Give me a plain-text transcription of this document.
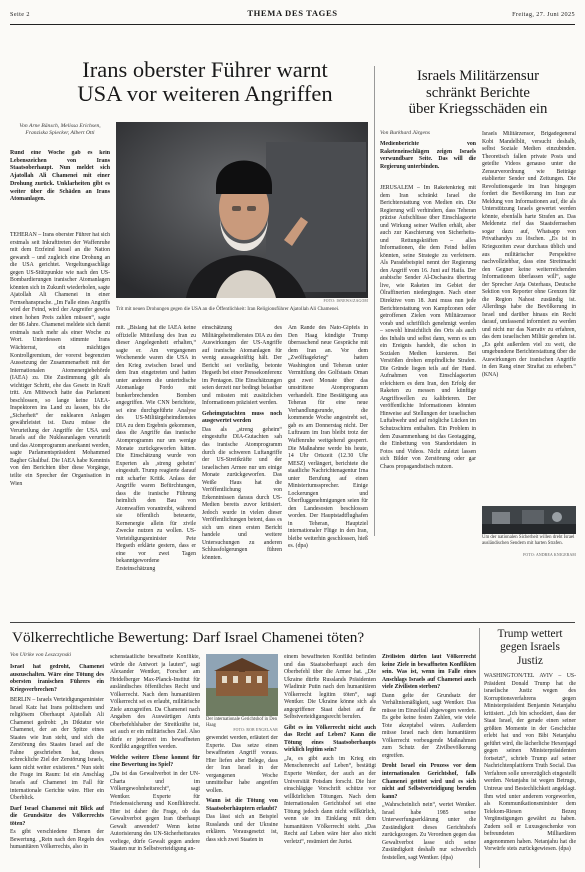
Seite 2	THEMA DES TAGES	Freitag, 27. Juni 2025
Irans oberster Führer warnt
USA vor weiteren Angriffen
Von Arne Bänsch, Melissa Erichsen, Franziska Spiecker, Albert Otti
Rund eine Woche gab es kein Lebenszeichen von Irans Staatsoberhaupt. Nun meldet sich Ajatollah Ali Chamenei mit einer Drohung zurück. Unklarheiten gibt es weiter über die Schäden an Irans Atomanlagen.
TEHERAN – Irans oberster Führer hat sich erstmals seit Inkrafttreten der Waffenruhe mit dem Erzfeind Israel an die Nation gewandt – und zugleich eine Drohung an die USA gerichtet. Vergeltungsschläge gegen US-Stützpunkte wie nach den US-Bombardierungen iranischer Atomanlagen könnten sich in Zukunft wiederholen, sagte Ajatollah Ali Chamenei in einer Fernsehansprache. „Im Falle eines Angriffs wird der Feind, wird der Angreifer gewiss einen hohen Preis zahlen müssen“, sagte der 86 Jahre. Chamenei meldete sich damit erstmals nach mehr als einer Woche zu Wort. Unterdessen stimmte Irans Wächterrat, ein mächtiges Kontrollgremium, der vorerst begrenzten Aussetzung der Zusammenarbeit mit der Internationalen Atomenergiebehörde (IAEA) zu. Die Zustimmung gilt als wichtiger Schritt, ehe das Gesetz in Kraft tritt. Am Mittwoch hatte das Parlament beschlossen, so lange keine IAEA-Inspektoren ins Land zu lassen, bis die „Sicherheit“ der nuklearen Anlagen gewährleistet ist. Dazu müsse die Verurteilung der Angriffe der USA und Israels auf die Nuklearanlagen verurteilt und das Atomprogramm anerkannt werden, sagte Parlamentspräsident Mohammed Bagher Ghalibaf. Die IAEA habe Kenntnis von den Berichten über diese Vorgänge, teilte ein Sprecher der Organisation in Wien
FOTO: ISNEWS/ZAGOM
Trit mit neuen Drohungen gegen die USA an die Öffentlichkeit: Iran Religionsführer Ajatollah Ali Chamenei.
mit. „Bislang hat die IAEA keine offizielle Mitteilung des Iran zu dieser Angelegenheit erhalten,“ sagte er. Am vergangenen Wochenende waren die USA in den Krieg zwischen Israel und dem Iran eingetreten und hatten unter anderem die unterirdische Atomanlage Fordo mit bunkerbrechenden Bomben angegriffen. Wie CNN berichtete, sei eine durchgeführte Analyse des US-Militärgeheimdienstes DIA zu dem Ergebnis gekommen, dass die Angriffe das iranische Atomprogramm nur um wenige Monate zurückgeworfen hätten. Die Einschätzung wurde von Experten als ‚streng geheim‘ eingestuft. Trump reagierte darauf mit scharfer Kritik. Anlass der Angriffe waren Befürchtungen, dass die iranische Führung heimlich den Bau von Atomwaffen vorantreibt, während sie öffentlich beteuerte, Kernenergie allein für zivile Zwecke nutzen zu wollen. US-Verteidigungsminister Pete Hegseth erklärte gestern, dass er eine vor zwei Tagen bekanntgewordene Ersteinschätzung

einschätzung des Militärgeheimdienstes DIA zu den Auswirkungen der US-Angriffe auf iranische Atomanlagen für wenig aussagekräftig hält. Der Bericht sei vorläufig, betonte Hegseth bei einer Pressekonferenz im Pentagon. Die Einschätzungen seien derzeit nur bedingt belastbar und müssten mit zusätzlichen Informationen präzisiert werden.

Geheimgutachten muss noch ausgewertet werden

Das als „streng geheim“ eingestufte DIA-Gutachten sah das iranische Atomprogramm durch die schweren Luftangriffe der US-Streitkräfte und der israelischen Armee nur um einige Monate zurückgeworfen. Das Weiße Haus hat die Veröffentlichung von Erkenntnissen daraus durch US-Medien bereits zuvor kritisiert. Jedoch wurde in vielen dieser Veröffentlichungen betont, dass es sich um einen ersten Bericht handele und weitere Untersuchungen zu anderen Schlussfolgerungen führen könnten.

Am Rande des Nato-Gipfels in Den Haag kündigte Trump überraschend neue Gespräche mit dem Iran an. Vor dem „Zwölftagekrieg“ hatten Washington und Teheran unter Vermittlung des Golfstaats Oman gut zwei Monate über das umstrittene Atomprogramm verhandelt. Eine Bestätigung aus Teheran für eine neue Verhandlungsrunde, die kommende Woche angestrebt sei, gab es am Donnerstag nicht. Der Luftraum im Iran bleibt trotz der Waffenruhe weitgehend gesperrt. Die Maßnahme werde bis heute, 14 Uhr Ortszeit (12.30 Uhr MESZ) verlängert, berichtete die staatliche Nachrichtenagentur Irna unter Berufung auf einen Ministeriumssprecher. Einige Lockerungen und Überfluggenehmigungen seien für den Landesosten beschlossen worden. Der Hauptstadtflughafen in Teheran, Hauptziel internationaler Flüge in den Iran, bleibe weiterhin geschlossen, hieß es. (dpa)
Israels Militärzensur
schränkt Berichte
über Kriegsschäden ein
Von Burkhard Jürgens
Medienberichte von Raketeneinschlägen zeigen Israels verwundbare Seite. Das will die Regierung unterbinden.
JERUSALEM – Im Raketenkrieg mit dem Iran schränkt Israel die Berichterstattung von Medien ein. Die Regierung will verhindern, dass Teheran präzise Aufschlüsse über Einschlagsorte und Wirkung seiner Waffen erhält, aber auch zur Kaschierung von Sicherheits- und Rettungskräften – alles Informationen, die dem Feind helfen könnten, seine Strategie zu verfeinern. Als Paradebeispiel nennt der Regierung den Angriff vom 16. Juni auf Haifa. Der arabische Sender Al-Dschasira übertrug live, wie Raketen im Gebiet der Ölraffinerien niedergingen. Nach einer Direktive vom 18. Juni muss nun jede Berichterstattung von Kampfzonen oder getroffenen Zielen vom Militärzensor vorab und schriftlich genehmigt werden – sowohl hinsichtlich des Orts als auch des Inhalts und selbst dann, wenn es um ein Ereignis handelt, die schon in Sozialen Medien kursieren. Bei Verstößen drohen empfindliche Strafen. Die Gründe liegen teils auf der Hand. Aufnahmen von Einschlagsorten erleichtern es dem Iran, den Erfolg der Raketen zu messen und künftige Angriffswellen zu kalibrieren. Der veröffentlichte Informationen könnten Hinweise auf Stellungen der israelischen Luftabwehr und auf mögliche Lücken im Schutzschirm enthalten. Ein Problem in dem Zusammenhang ist das Geotagging, die Einbettung von Standortdaten in Fotos und Videos. Nicht zuletzt lassen sich Bilder von Zerstörung oder gar Chaos propagandistisch nutzen.
Israels Militärzensor, Brigadegeneral Kobi Mandelblit, versucht deshalb, selbst Soziale Medien einzubinden. Theoretisch fallen private Posts und geteilte Videos genauso unter die Zensurverordnung wie Beiträge etablierter Sender und Zeitungen. Die Revolutionsgarde im Iran hingegen fordert die Bevölkerung im Iran zur Meldung von Informationen auf, die als Unterstützung Israels gewertet werden könnte, ebenfalls harte Strafen an. Das Meldenetz rief das Staatsfernsehen sogar dazu auf, Whatsapp von Privathandys zu löschen. „Es ist in Kriegszeiten zwar durchaus üblich und aus militärischer Perspektive nachvollziehbar, dass eine Streitmacht den Gegner keine weiterreichenden Informationen überlassen will“, sagte der Sprecher Anja Osterhaus, Deutsche Sektion von Reporter ohne Grenzen für die Region Nahost zuständig ist. Allerdings habe die Bevölkerung in Israel und darüber hinaus ein Recht darauf, umfassend informiert zu werden und nicht nur das Narrativ zu erfahren, das dem israelischen Militär genehm ist. „Es geht außerdem viel zu weit, die umgebundene Berichterstattung über die Auswirkungen der iranischen Angriffe in den Rang einer Straftat zu erheben.“ (KNA)
Um der nationalen Sicherheit willen dreht Israel ausländischen Sendern mit harten Strafen.
FOTO: ANDREA KNIGERAM
Völkerrechtliche Bewertung: Darf Israel Chamenei töten?
Von Ulrike von Leszczynski

Israel hat gedroht, Chamenei auszuschalten. Wäre eine Tötung des obersten iranischen Führers ein Kriegsverbrechen?

BERLIN – Israels Verteidigungsminister Israel Katz hat Irans politischem und religiösem Oberhaupt Ajatollah Ali Chamenei gedroht: „In Diktatur wie Chamenei, der an der Spitze eines Staates wie Iran steht, und sich die Zerstörung des Staates Israel auf die Fahne geschrieben hat, dieses schreckliche Ziel der Zerstörung Israels, kann nicht weiter existieren.“ Nun steht die Frage im Raum: Ist ein Anschlag Israels auf Chamenei im Fall für internationale Gerichte wäre. Hier ein Überblick.

Darf Israel Chamenei mit Blick auf die Grundsätze des Völkerrechts töten?

Es gibt verschiedene Ebenen der Bewertung. „Rein nach den Regeln des humanitären Völkerrechts, also in

schenstaatliche bewaffnete Konflikte, würde die Antwort ja lauten“, sagt Alexander Wentker, Forscher am Heidelberger Max-Planck-Institut für ausländisches öffentliches Recht und Völkerrecht. Nach dem humanitären Völkerrecht sei es erlaubt, militärische Ziele anzugreifen. Da Chamenei nach Angaben des Auswärtigen Amts Oberbefehlshaber der Streitkräfte ist, sei auch er ein militärisches Ziel. Also dürfe er jederzeit im bewaffneten Konflikt angegriffen werden.

Welche weitere Ebene kommt für eine Bewertung ins Spiel?

„Da ist das Gewaltverbot in der UN-Charta und im Völkergewohnheitsrecht“, sagt Wentker. Experte für Friedenssicherung und Konfliktrecht. Hier ist daher die Frage, ob das Gewaltverbot gegen Iran überhaupt Gewalt anwendet? Wenn keine Autorisierung des UN-Sicherheitsrates vorliege, dürfe Gewalt gegen andere Staaten nur in Selbstverteidigung an-

Der internationale Gerichtshof in Den Haag
FOTO: ROB ENGELAAR

gewendet werden, erläutert der Experte. Das setze einen bewaffneten Angriff voraus. Hier liefen aber Belege, dass der Iran Israel in der vergangenen Woche unmittelbar habe angreifen wollen.

Wann ist die Tötung von Staatsoberhäuptern erlaubt?

Das lässt sich an Beispiel Russlands und der Ukraine erklären. Vorausgesetzt ist, dass sich zwei Staaten in

einem bewaffneten Konflikt befinden und das Staatsoberhaupt auch den Oberbefehl über die Armee hat. „Die Ukraine dürfte Russlands Präsidenten Wladimir Putin nach den humanitären Völkerrecht legitim töten“, sagt Wentker. Die Ukraine könne sich als angegriffener Staat dabei auf ihr Selbstverteidigungsrecht berufen.

Gibt es im Völkerrecht nicht auch das Recht auf Leben? Kann die Tötung eines Staatsoberhaupts wirklich legitim sein?

„Ja, es gibt auch im Krieg ein Menschenrecht auf Leben“, bestätigt Experte Wentker, der auch an der Universität Potsdam forscht. Die hier einschlägige Vorschrift schütze vor willkürlichen Tötungen. Nach dem Internationalen Gerichtshof sei eine Tötung jedoch dann nicht willkürlich, wenn sie im Einklang mit dem humanitären Völkerrecht steht. „Das Recht auf Leben wäre hier also nicht verletzt“, resümiert der Jurist.

Zivilisten dürfen laut Völkerrecht keine Ziele in bewaffneten Konflikten sein. Was ist, wenn im Falle eines Anschlags Israels auf Chamenei auch viele Zivilisten sterben?

Dann gelte der Grundsatz der Verhältnismäßigkeit, sagt Wentker. Das müsse im Einzelfall abgewogen werden. Es gebe keine festen Zahlen, wie viele Tote akzeptabel wären. Außerdem müsse Israel nach dem humanitären Völkerrecht vorbeugende Maßnahmen zum Schutz der Zivilbevölkerung ergreifen.

Droht Israel ein Prozess vor dem internationalen Gerichtshof, falls Chamenei getötet wird und es sich nicht auf Selbstverteidigung berufen kann?

„Wahrscheinlich nein“, wertet Wentker. Israel habe 1985 seine Unterwerfungserklärung unter die Zuständigkeit dieses Gerichtshofs zurückgezogen. Zu Verordnen gegen das Gewaltverbot lasse sich seine Zuständigkeit deshalb nur schwerlich feststellen, sagt Wentker. (dpa)

Trump wettert
gegen Israels
Justiz
WASHINGTON/TEL AVIV – US-Präsident Donald Trump hat die israelische Justiz wegen des Korruptionsverfahrens gegen Ministerpräsident Benjamin Netanjahu kritisiert. „Ich bin schockiert, dass der Staat Israel, der gerade einen seiner größten Momente in der Geschichte erlebt hat und von Bibi Netanjahu geführt wird, die lächerliche Hexenjagd gegen seinen Ministerpräsidenten fortsetzt“, schrieb Trump auf seiner Nachrichtenplattform Truth Social. Das Verfahren solle unverzüglich eingestellt werden. Netanjahu ist wegen Betrugs, Untreue und Bestechlichkeit angeklagt. Ihm wird unter anderem vorgeworfen, als Kommunikationsminister dem Telekom-Riesen Bezeq Vergünstigungen gewährt zu haben. Zudem soll er Luxusgeschenke von befreundeten Milliardären angenommen haben. Netanjahu hat die Vorwürfe stets zurückgewiesen. (dpa)
